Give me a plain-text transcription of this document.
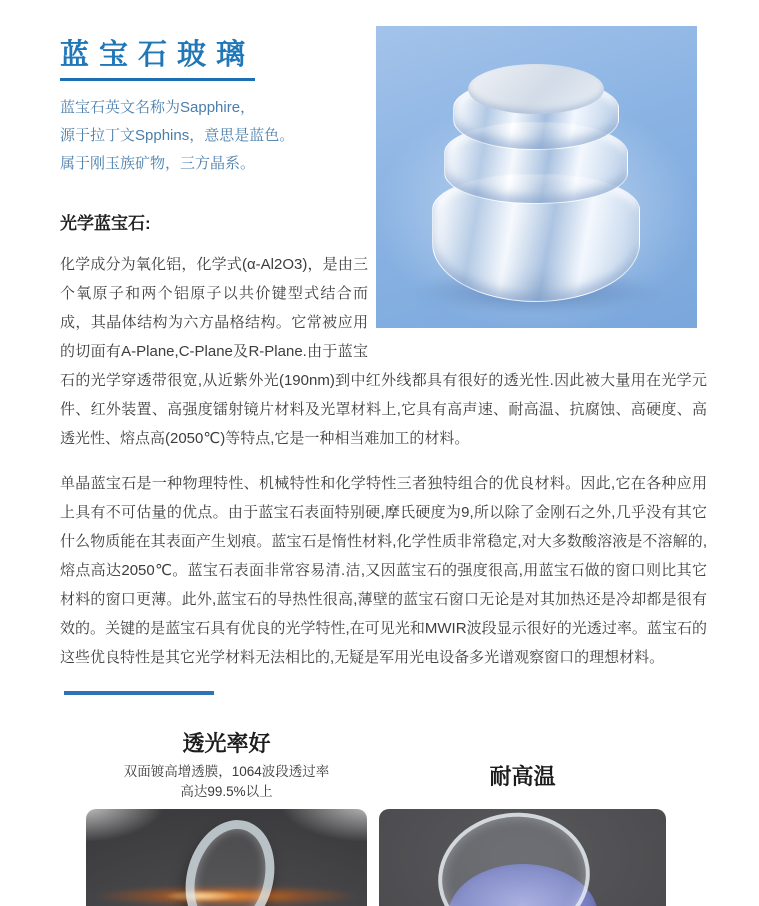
蓝宝石玻璃
蓝宝石英文名称为Sapphire，
源于拉丁文Spphins，意思是蓝色。
属于刚玉族矿物，三方晶系。
光学蓝宝石:

化学成分为氧化铝，化学式(α-Al2O3)，是由三个氧原子和两个铝原子以共价键型式结合而成，其晶体结构为六方晶格结构。它常被应用的切面有A-Plane,C-Plane及R-Plane.由于蓝宝石的光学穿透带很宽,从近紫外光(190nm)到中红外线都具有很好的透光性.因此被大量用在光学元件、红外装置、高强度镭射镜片材料及光罩材料上,它具有高声速、耐高温、抗腐蚀、高硬度、高透光性、熔点高(2050℃)等特点,它是一种相当难加工的材料。

单晶蓝宝石是一种物理特性、机械特性和化学特性三者独特组合的优良材料。因此,它在各种应用上具有不可估量的优点。由于蓝宝石表面特别硬,摩氏硬度为9,所以除了金刚石之外,几乎没有其它什么物质能在其表面产生划痕。蓝宝石是惰性材料,化学性质非常稳定,对大多数酸溶液是不溶解的,熔点高达2050℃。蓝宝石表面非常容易清.洁,又因蓝宝石的强度很高,用蓝宝石做的窗口则比其它材料的窗口更薄。此外,蓝宝石的导热性很高,薄壁的蓝宝石窗口无论是对其加热还是冷却都是很有效的。关键的是蓝宝石具有优良的光学特性,在可见光和MWIR波段显示很好的光透过率。蓝宝石的这些优良特性是其它光学材料无法相比的,无疑是军用光电设备多光谱观察窗口的理想材料。

透光率好
双面镀高增透膜，1064波段透过率
高达99.5%以上
耐高温
